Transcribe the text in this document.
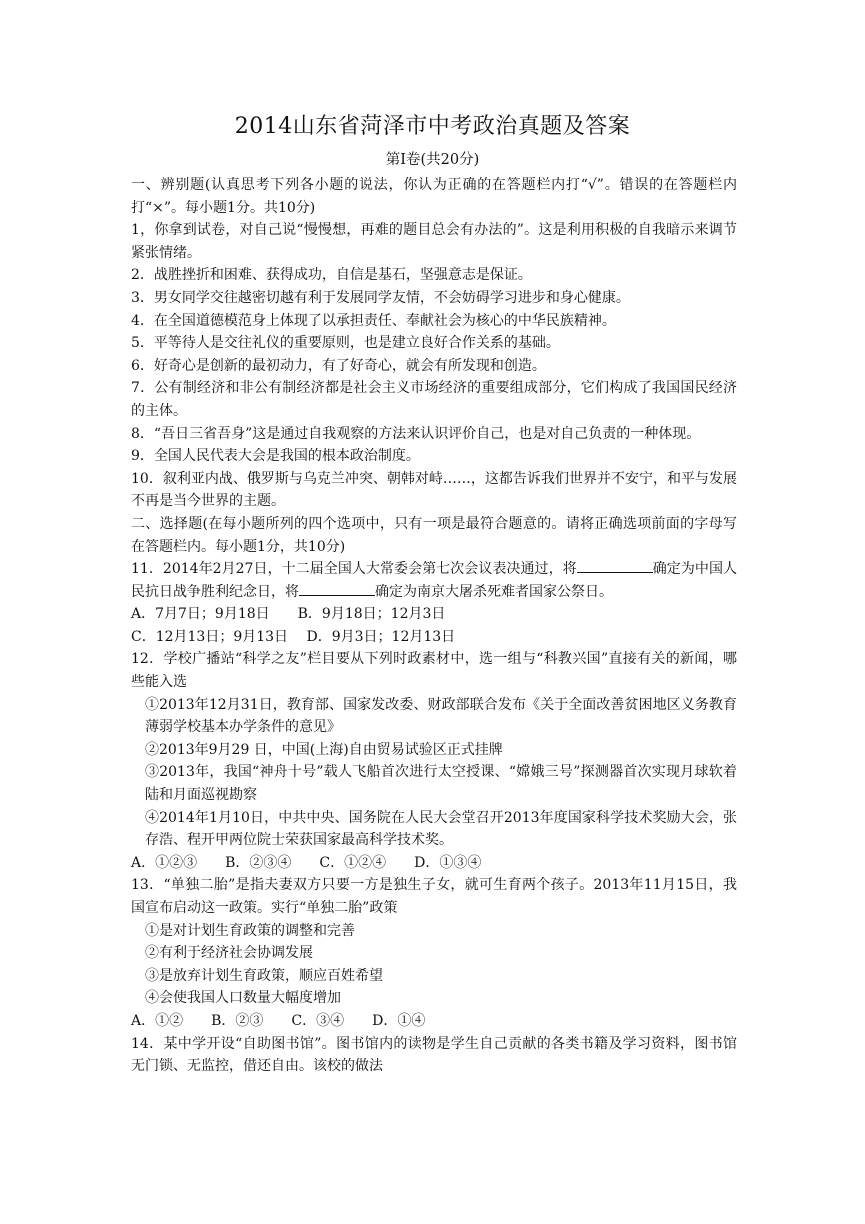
2014山东省菏泽市中考政治真题及答案
第Ⅰ卷(共20分)

一、辨别题(认真思考下列各小题的说法，你认为正确的在答题栏内打“√”。错误的在答题栏内打“×”。每小题1分。共10分)

1，你拿到试卷，对自己说“慢慢想，再难的题目总会有办法的”。这是利用积极的自我暗示来调节紧张情绪。

2．战胜挫折和困难、获得成功，自信是基石，坚强意志是保证。

3．男女同学交往越密切越有利于发展同学友情，不会妨碍学习进步和身心健康。

4．在全国道德模范身上体现了以承担责任、奉献社会为核心的中华民族精神。

5．平等待人是交往礼仪的重要原则，也是建立良好合作关系的基础。

6．好奇心是创新的最初动力，有了好奇心，就会有所发现和创造。

7．公有制经济和非公有制经济都是社会主义市场经济的重要组成部分，它们构成了我国国民经济的主体。

8．“吾日三省吾身”这是通过自我观察的方法来认识评价自己，也是对自己负责的一种体现。

9．全国人民代表大会是我国的根本政治制度。

10．叙利亚内战、俄罗斯与乌克兰冲突、朝韩对峙……，这都告诉我们世界并不安宁，和平与发展不再是当今世界的主题。

二、选择题(在每小题所列的四个选项中，只有一项是最符合题意的。请将正确选项前面的字母写在答题栏内。每小题1分，共10分)

11．2014年2月27日，十二届全国人大常委会第七次会议表决通过，将	确定为中国人民抗日战争胜利纪念日，将	确定为南京大屠杀死难者国家公祭日。

A．7月7日；9月18日　　B．9月18日；12月3日

C．12月13日；9月13日　 D．9月3日；12月13日

12．学校广播站“科学之友”栏目要从下列时政素材中，选一组与“科教兴国”直接有关的新闻，哪些能入选

①2013年12月31日，教育部、国家发改委、财政部联合发布《关于全面改善贫困地区义务教育薄弱学校基本办学条件的意见》

②2013年9月29 日，中国(上海)自由贸易试验区正式挂牌

③2013年，我国“神舟十号”载人飞船首次进行太空授课、“嫦娥三号”探测器首次实现月球软着陆和月面巡视勘察

④2014年1月10日，中共中央、国务院在人民大会堂召开2013年度国家科学技术奖励大会，张存浩、程开甲两位院士荣获国家最高科学技术奖。

A．①②③　　B．②③④　　C．①②④　　D．①③④

13．“单独二胎”是指夫妻双方只要一方是独生子女，就可生育两个孩子。2013年11月15日，我国宣布启动这一政策。实行“单独二胎”政策

①是对计划生育政策的调整和完善

②有利于经济社会协调发展

③是放弃计划生育政策，顺应百姓希望

④会使我国人口数量大幅度增加

A．①②　　B．②③　　C．③④　　D．①④

14．某中学开设“自助图书馆”。图书馆内的读物是学生自己贡献的各类书籍及学习资料，图书馆无门锁、无监控，借还自由。该校的做法
